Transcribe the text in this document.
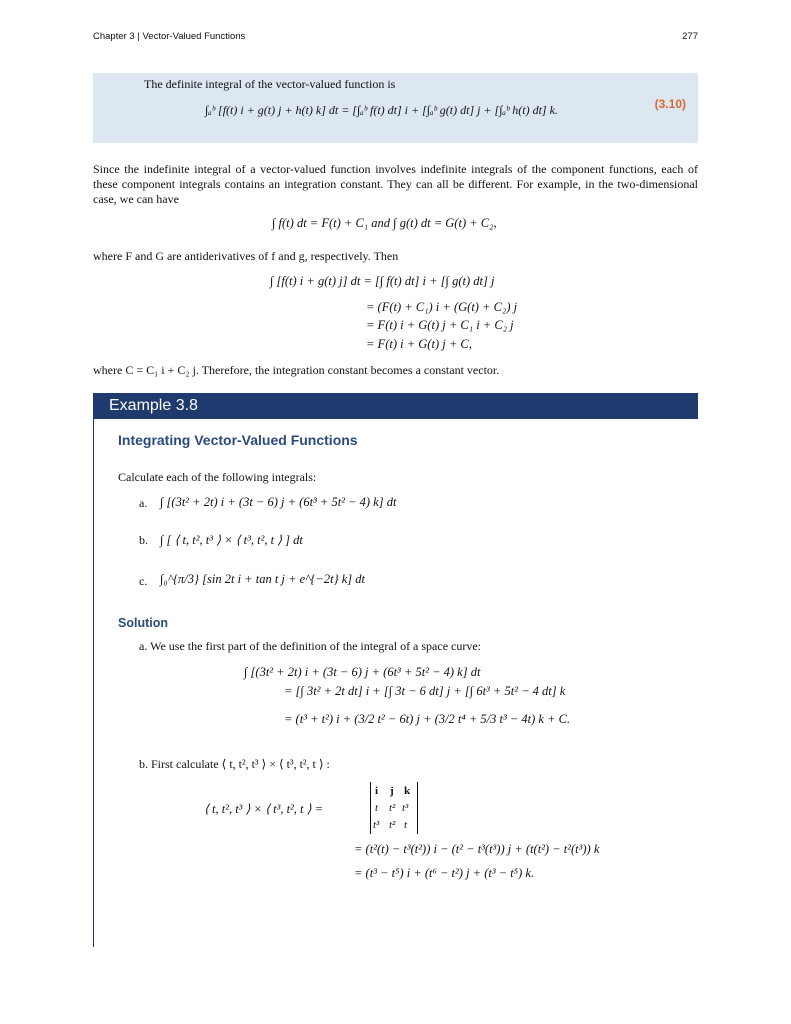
Chapter 3 | Vector-Valued Functions	277
The definite integral of the vector-valued function is
∫ₐᵇ [f(t) i + g(t) j + h(t) k] dt = [∫ₐᵇ f(t) dt] i + [∫ₐᵇ g(t) dt] j + [∫ₐᵇ h(t) dt] k.	(3.10)
Since the indefinite integral of a vector-valued function involves indefinite integrals of the component functions, each of these component integrals contains an integration constant. They can all be different. For example, in the two-dimensional case, we can have
∫ f(t) dt = F(t) + C₁ and ∫ g(t) dt = G(t) + C₂,
where F and G are antiderivatives of f and g, respectively. Then
∫ [f(t) i + g(t) j] dt = [∫ f(t) dt] i + [∫ g(t) dt] j
= (F(t) + C₁) i + (G(t) + C₂) j
= F(t) i + G(t) j + C₁ i + C₂ j
= F(t) i + G(t) j + C,
where C = C₁ i + C₂ j. Therefore, the integration constant becomes a constant vector.
Example 3.8
Integrating Vector-Valued Functions
Calculate each of the following integrals:
a. ∫ [(3t² + 2t) i + (3t − 6) j + (6t³ + 5t² − 4) k] dt
b. ∫ [ ⟨ t, t², t³ ⟩ × ⟨ t³, t², t ⟩ ] dt
c. ∫₀^{π/3} [sin 2t i + tan t j + e^{−2t} k] dt
Solution
a. We use the first part of the definition of the integral of a space curve:
∫ [(3t² + 2t) i + (3t − 6) j + (6t³ + 5t² − 4) k] dt
= [∫ 3t² + 2t dt] i + [∫ 3t − 6 dt] j + [∫ 6t³ + 5t² − 4 dt] k
= (t³ + t²) i + (3/2 t² − 6t) j + (3/2 t⁴ + 5/3 t³ − 4t) k + C.
b. First calculate ⟨ t, t², t³ ⟩ × ⟨ t³, t², t ⟩ :
⟨ t, t², t³ ⟩ × ⟨ t³, t², t ⟩ =
i j k
t t² t³
t³ t² t
= (t²(t) − t³(t²)) i − (t² − t³(t³)) j + (t(t²) − t²(t³)) k
= (t³ − t⁵) i + (t⁶ − t²) j + (t³ − t⁵) k.
